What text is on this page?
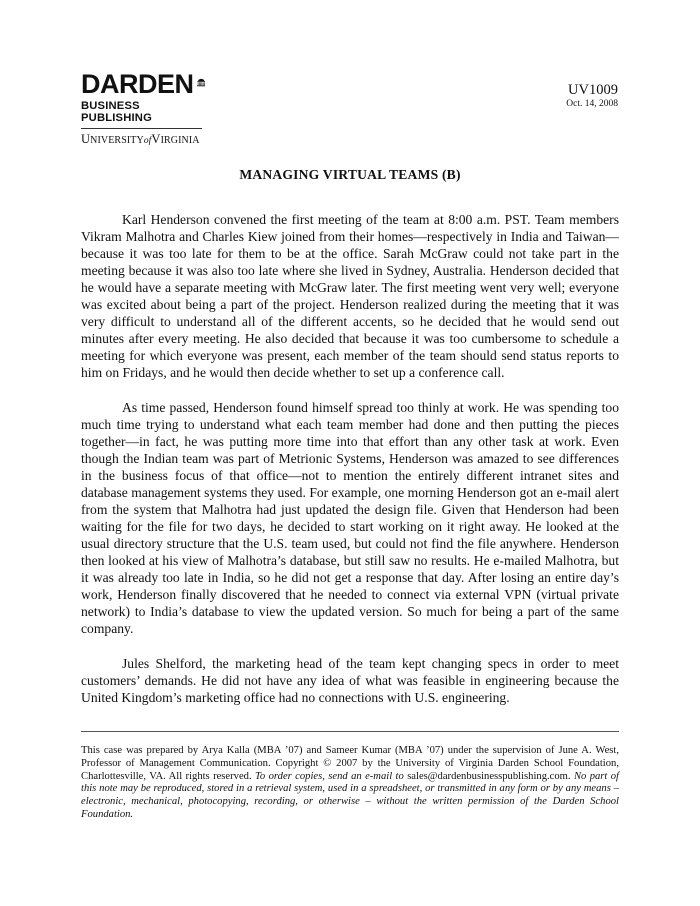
DARDEN
BUSINESS PUBLISHING
UNIVERSITYofVIRGINIA
UV1009
Oct. 14, 2008
MANAGING VIRTUAL TEAMS (B)

Karl Henderson convened the first meeting of the team at 8:00 a.m. PST. Team members Vikram Malhotra and Charles Kiew joined from their homes—respectively in India and Taiwan—because it was too late for them to be at the office. Sarah McGraw could not take part in the meeting because it was also too late where she lived in Sydney, Australia. Henderson decided that he would have a separate meeting with McGraw later. The first meeting went very well; everyone was excited about being a part of the project. Henderson realized during the meeting that it was very difficult to understand all of the different accents, so he decided that he would send out minutes after every meeting. He also decided that because it was too cumbersome to schedule a meeting for which everyone was present, each member of the team should send status reports to him on Fridays, and he would then decide whether to set up a conference call.

As time passed, Henderson found himself spread too thinly at work. He was spending too much time trying to understand what each team member had done and then putting the pieces together—in fact, he was putting more time into that effort than any other task at work. Even though the Indian team was part of Metrionic Systems, Henderson was amazed to see differences in the business focus of that office—not to mention the entirely different intranet sites and database management systems they used. For example, one morning Henderson got an e-mail alert from the system that Malhotra had just updated the design file. Given that Henderson had been waiting for the file for two days, he decided to start working on it right away. He looked at the usual directory structure that the U.S. team used, but could not find the file anywhere. Henderson then looked at his view of Malhotra’s database, but still saw no results. He e-mailed Malhotra, but it was already too late in India, so he did not get a response that day. After losing an entire day’s work, Henderson finally discovered that he needed to connect via external VPN (virtual private network) to India’s database to view the updated version. So much for being a part of the same company.

Jules Shelford, the marketing head of the team kept changing specs in order to meet customers’ demands. He did not have any idea of what was feasible in engineering because the United Kingdom’s marketing office had no connections with U.S. engineering.

This case was prepared by Arya Kalla (MBA ’07) and Sameer Kumar (MBA ’07) under the supervision of June A. West, Professor of Management Communication. Copyright © 2007 by the University of Virginia Darden School Foundation, Charlottesville, VA. All rights reserved. To order copies, send an e-mail to sales@dardenbusinesspublishing.com. No part of this note may be reproduced, stored in a retrieval system, used in a spreadsheet, or transmitted in any form or by any means – electronic, mechanical, photocopying, recording, or otherwise – without the written permission of the Darden School Foundation.
